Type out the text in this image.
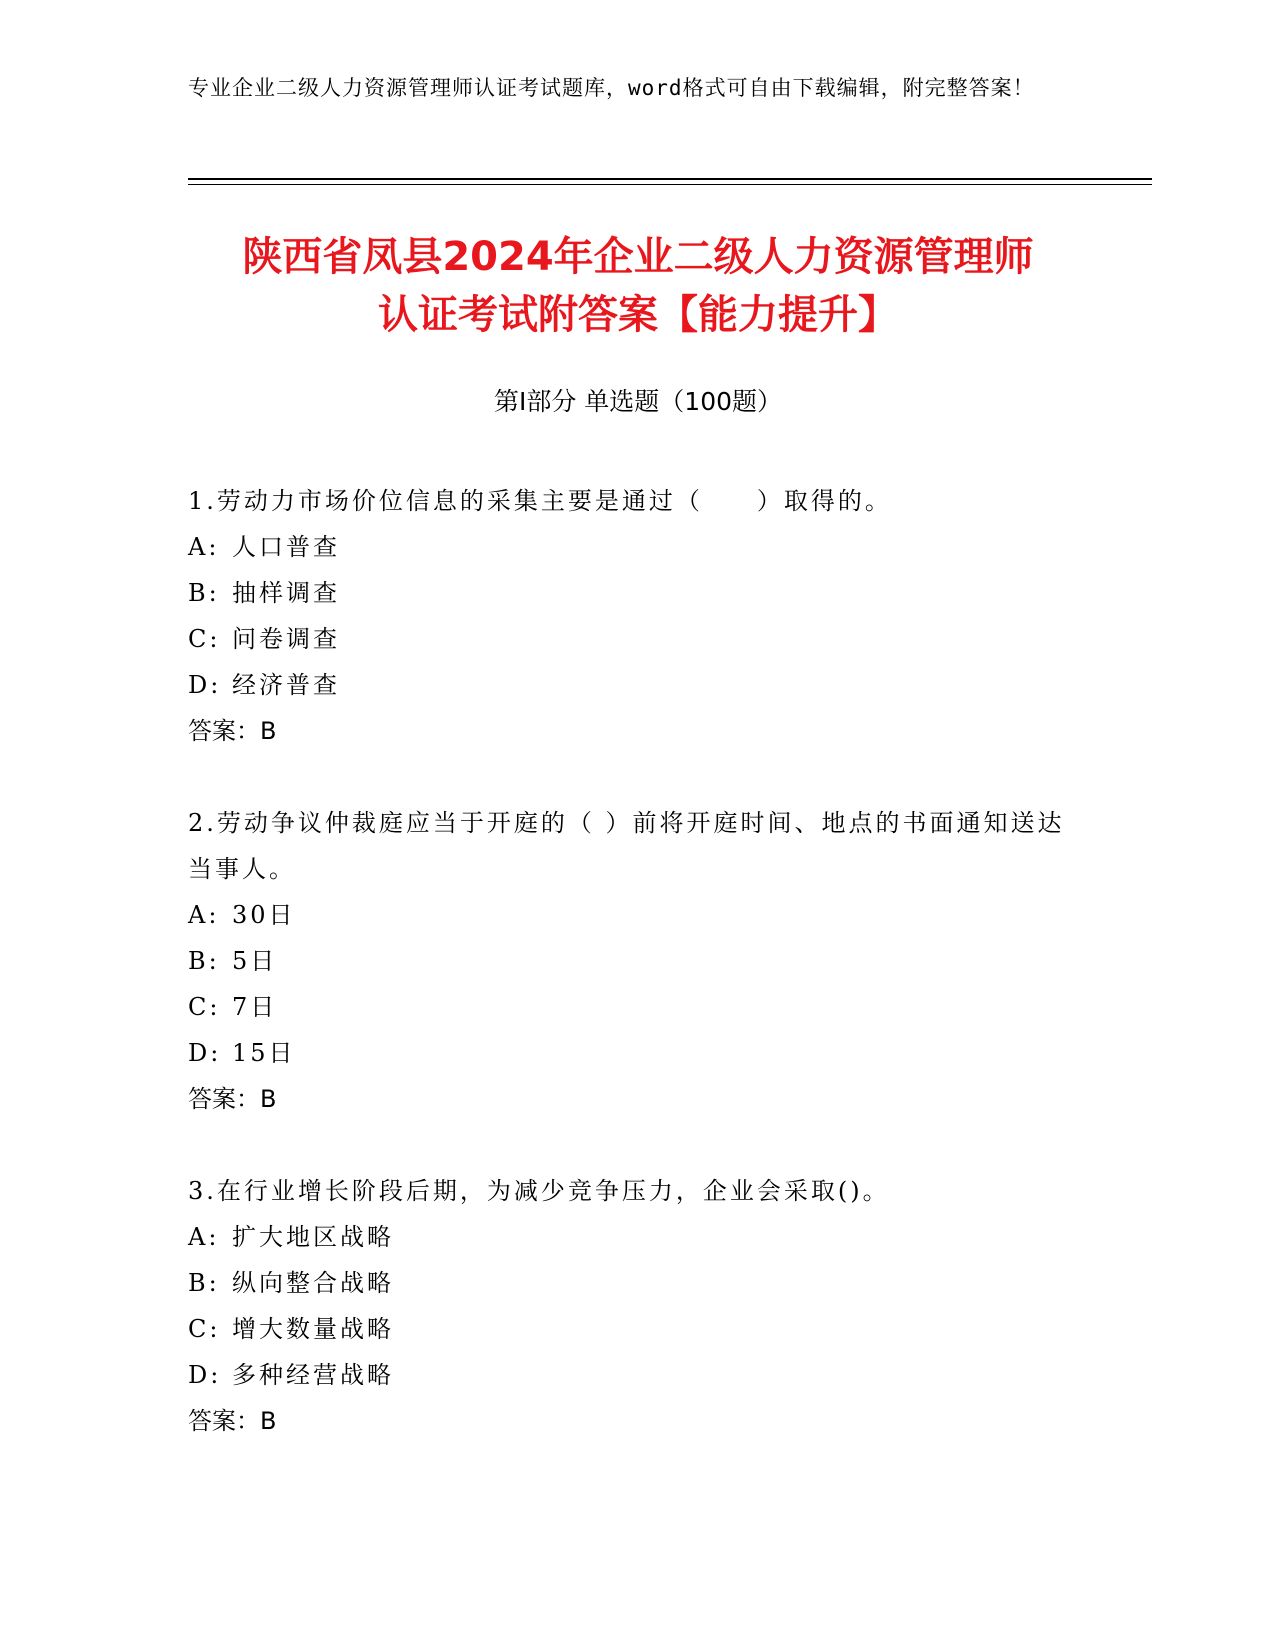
专业企业二级人力资源管理师认证考试题库，word格式可自由下载编辑，附完整答案！
陕西省凤县2024年企业二级人力资源管理师
认证考试附答案【能力提升】
第I部分 单选题（100题）
1.劳动力市场价位信息的采集主要是通过（　　）取得的。
A: 人口普查
B: 抽样调查
C: 问卷调查
D: 经济普查
答案：B
2.劳动争议仲裁庭应当于开庭的（ ）前将开庭时间、地点的书面通知送达当事人。
A: 30日
B: 5日
C: 7日
D: 15日
答案：B
3.在行业增长阶段后期，为减少竞争压力，企业会采取()。
A: 扩大地区战略
B: 纵向整合战略
C: 增大数量战略
D: 多种经营战略
答案：B
